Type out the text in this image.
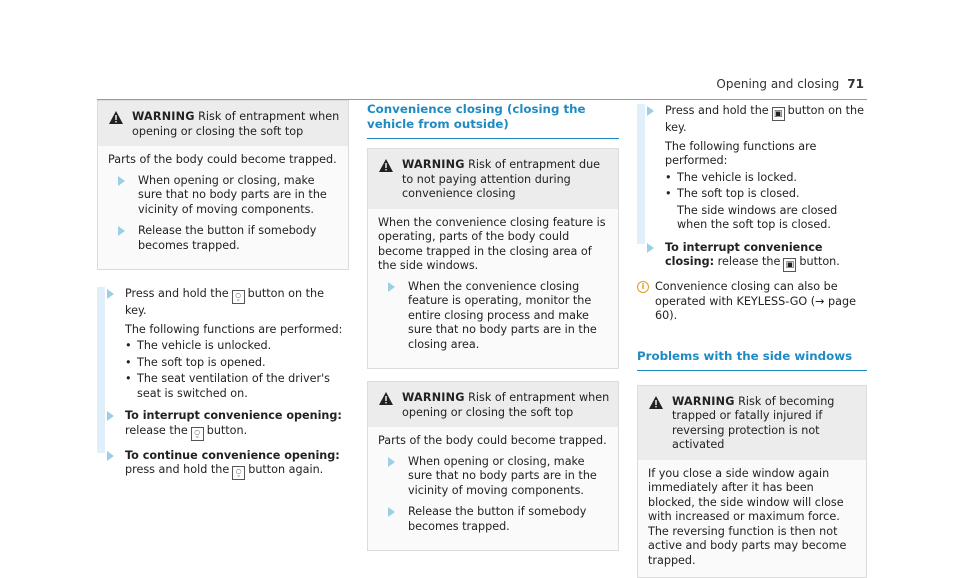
Opening and closing 71
WARNING Risk of entrapment when opening or closing the soft top

Parts of the body could become trapped.

When opening or closing, make sure that no body parts are in the vicinity of moving components.
Release the button if somebody becomes trapped.
Press and hold the ⍜ button on the key.
The following functions are performed:
• The vehicle is unlocked.
• The soft top is opened.
• The seat ventilation of the driver's seat is switched on.
To interrupt convenience opening: release the ⍜ button.
To continue convenience opening: press and hold the ⍜ button again.
Convenience closing (closing the vehicle from outside)
WARNING Risk of entrapment due to not paying attention during convenience closing

When the convenience closing feature is operating, parts of the body could become trapped in the closing area of the side windows.

When the convenience closing feature is operating, monitor the entire closing process and make sure that no body parts are in the closing area.
WARNING Risk of entrapment when opening or closing the soft top

Parts of the body could become trapped.

When opening or closing, make sure that no body parts are in the vicinity of moving components.
Release the button if somebody becomes trapped.
Press and hold the ▣ button on the key.
The following functions are performed:
• The vehicle is locked.
• The soft top is closed.
The side windows are closed when the soft top is closed.
To interrupt convenience closing: release the ▣ button.
i Convenience closing can also be operated with KEYLESS-GO (→ page 60).
Problems with the side windows
WARNING Risk of becoming trapped or fatally injured if reversing protection is not activated

If you close a side window again immediately after it has been blocked, the side window will close with increased or maximum force. The reversing function is then not active and body parts may become trapped.
